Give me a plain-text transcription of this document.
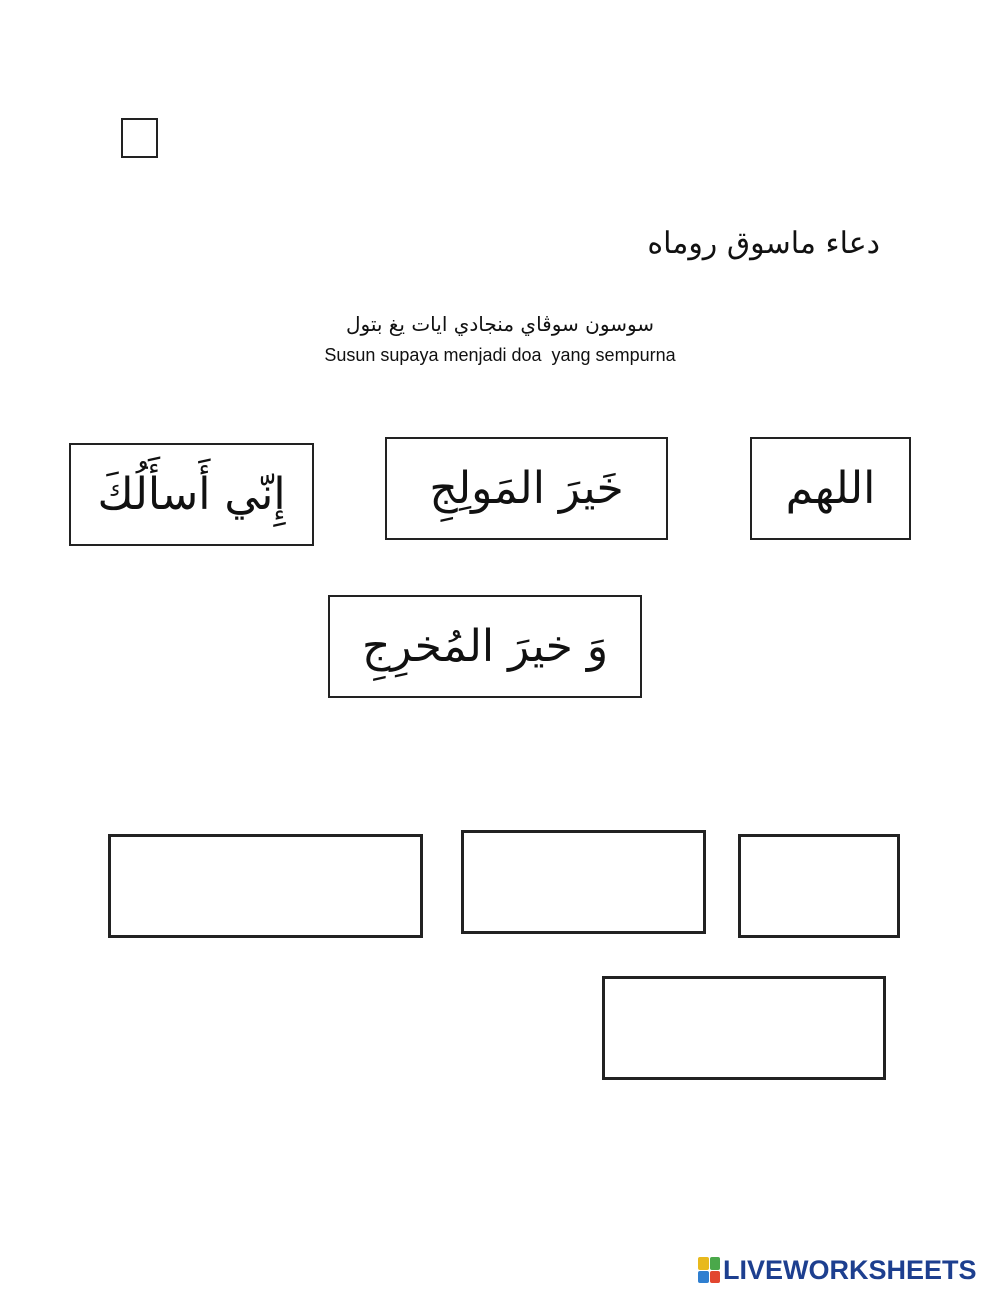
دعاء ماسوق روماه
سوسون سوڤاي منجادي ايات يغ بتول
Susun supaya menjadi doa  yang sempurna
اللهم
خَيرَ المَولِجِ
إِنّي أَسأَلُكَ
وَ خيرَ المُخرِجِ
LIVEWORKSHEETS
